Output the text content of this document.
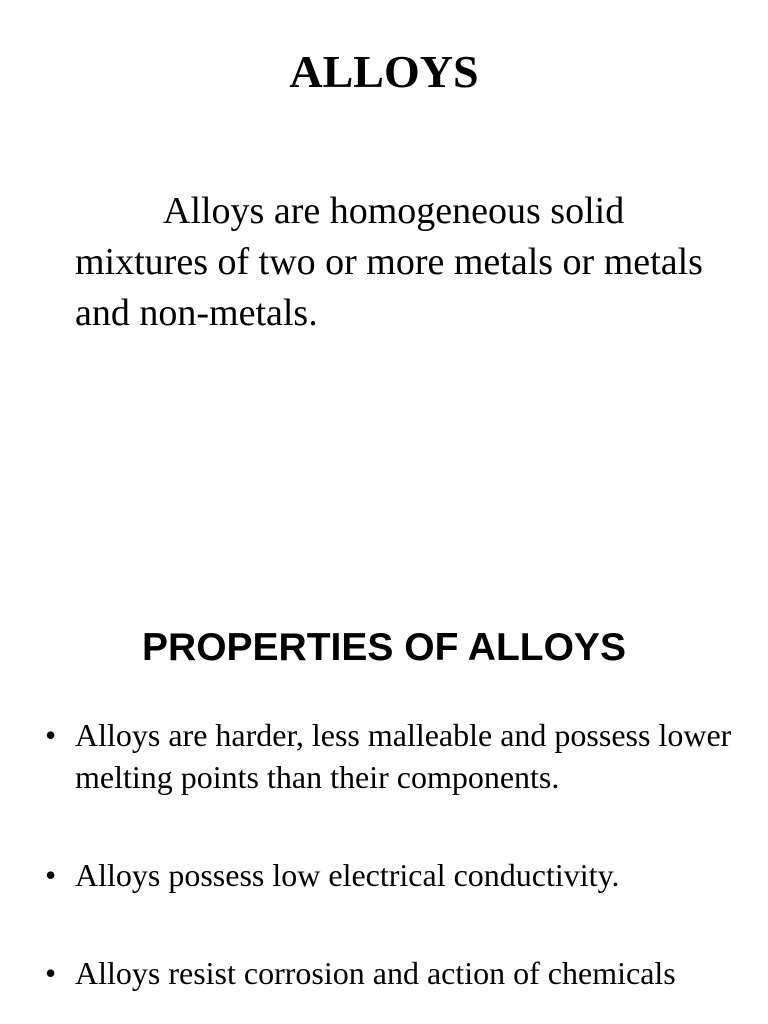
ALLOYS

Alloys are homogeneous solid mixtures of two or more metals or metals and non-metals.

PROPERTIES OF ALLOYS
• Alloys are harder, less malleable and possess lower melting points than their components.
• Alloys possess low electrical conductivity.
• Alloys resist corrosion and action of chemicals
